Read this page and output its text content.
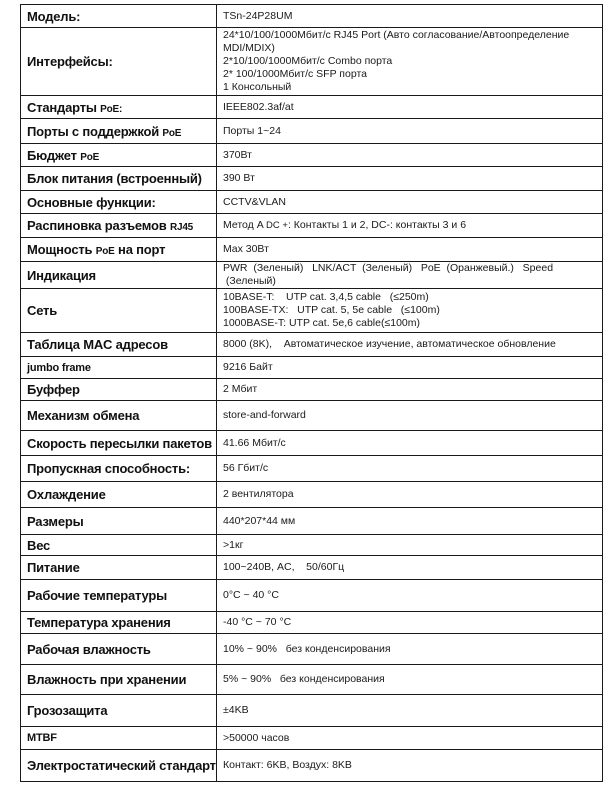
Модель:	TSn-24P28UM

Интерфейсы:	24*10/100/1000Мбит/с RJ45 Port (Авто согласование/Автоопределение
MDI/MDIX)
2*10/100/1000Мбит/с Combo порта
2* 100/1000Мбит/с SFP порта
1 Консольный

Стандарты PoE:	IEEE802.3af/at

Порты с поддержкой PoE	Порты 1~24

Бюджет PoE	370Вт

Блок питания (встроенный)	390 Вт

Основные функции:	CCTV&VLAN

Распиновка разъемов RJ45	Метод A DC +: Контакты 1 и 2, DC-: контакты 3 и 6

Мощность PoE на порт	Max 30Вт

Индикация	PWR  (Зеленый)   LNK/ACT  (Зеленый)   PoE  (Оранжевый.)   Speed
(Зеленый)

Сеть	10BASE-T:    UTP cat. 3,4,5 cable   (≤250m)
100BASE-TX:   UTP cat. 5, 5e cable   (≤100m)
1000BASE-T: UTP cat. 5e,6 cable(≤100m)

Таблица MAC адресов	8000 (8K),    Автоматическое изучение, автоматическое обновление

jumbo frame	9216 Байт

Буффер	2 Мбит

Механизм обмена	store-and-forward

Скорость пересылки пакетов	41.66 Мбит/с

Пропускная способность:	56 Гбит/с

Охлаждение	2 вентилятора

Размеры	440*207*44 мм

Вес	>1кг

Питание	100~240В, AC,    50/60Гц

Рабочие температуры	0°C ~ 40 °C

Температура хранения	-40 °C ~ 70 °C

Рабочая влажность	10% ~ 90%   без конденсирования

Влажность при хранении	5% ~ 90%   без конденсирования

Грозозащита	±4KB

MTBF	>50000 часов

Электростатический стандарт	Контакт: 6KB, Воздух: 8KB
